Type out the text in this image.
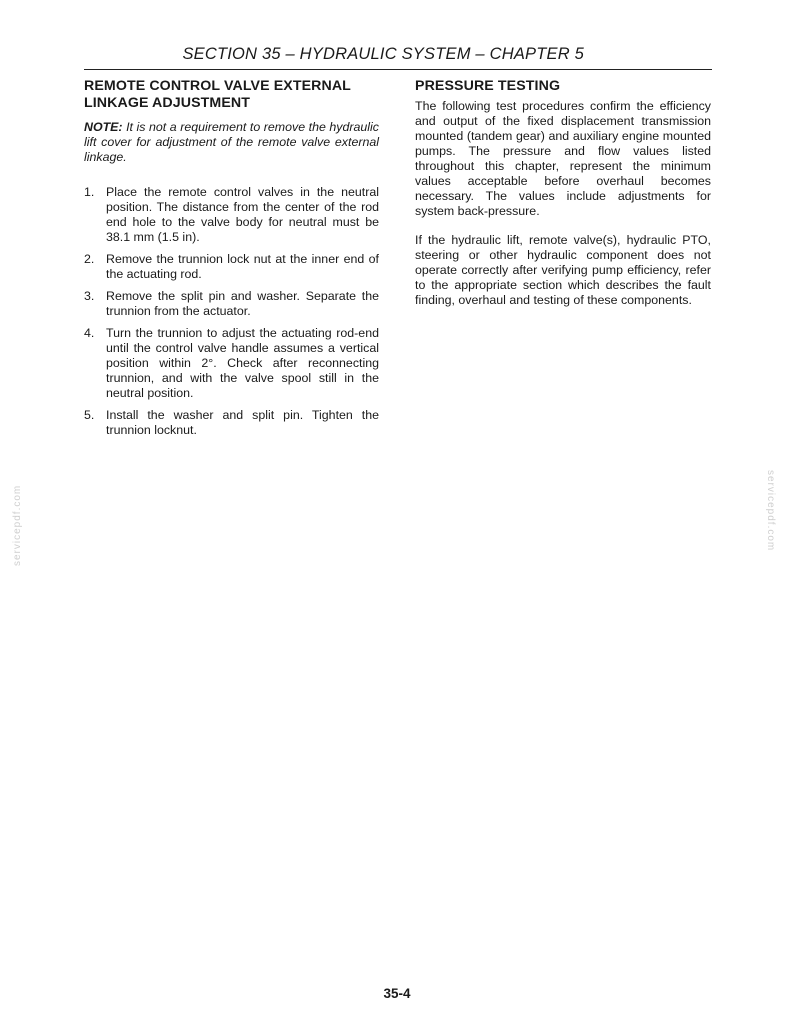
SECTION 35 – HYDRAULIC SYSTEM – CHAPTER 5
REMOTE CONTROL VALVE EXTERNAL LINKAGE ADJUSTMENT

NOTE: It is not a requirement to remove the hydraulic lift cover for adjustment of the remote valve external linkage.

1. Place the remote control valves in the neutral position. The distance from the center of the rod end hole to the valve body for neutral must be 38.1 mm (1.5 in).
2. Remove the trunnion lock nut at the inner end of the actuating rod.
3. Remove the split pin and washer. Separate the trunnion from the actuator.
4. Turn the trunnion to adjust the actuating rod-end until the control valve handle assumes a vertical position within 2°. Check after reconnecting trunnion, and with the valve spool still in the neutral position.
5. Install the washer and split pin. Tighten the trunnion locknut.
PRESSURE TESTING

The following test procedures confirm the efficiency and output of the fixed displacement transmission mounted (tandem gear) and auxiliary engine mounted pumps. The pressure and flow values listed throughout this chapter, represent the minimum values acceptable before overhaul becomes necessary. The values include adjustments for system back-pressure.

If the hydraulic lift, remote valve(s), hydraulic PTO, steering or other hydraulic component does not operate correctly after verifying pump efficiency, refer to the appropriate section which describes the fault finding, overhaul and testing of these components.

servicepdf.com	servicepdf.com
35-4
